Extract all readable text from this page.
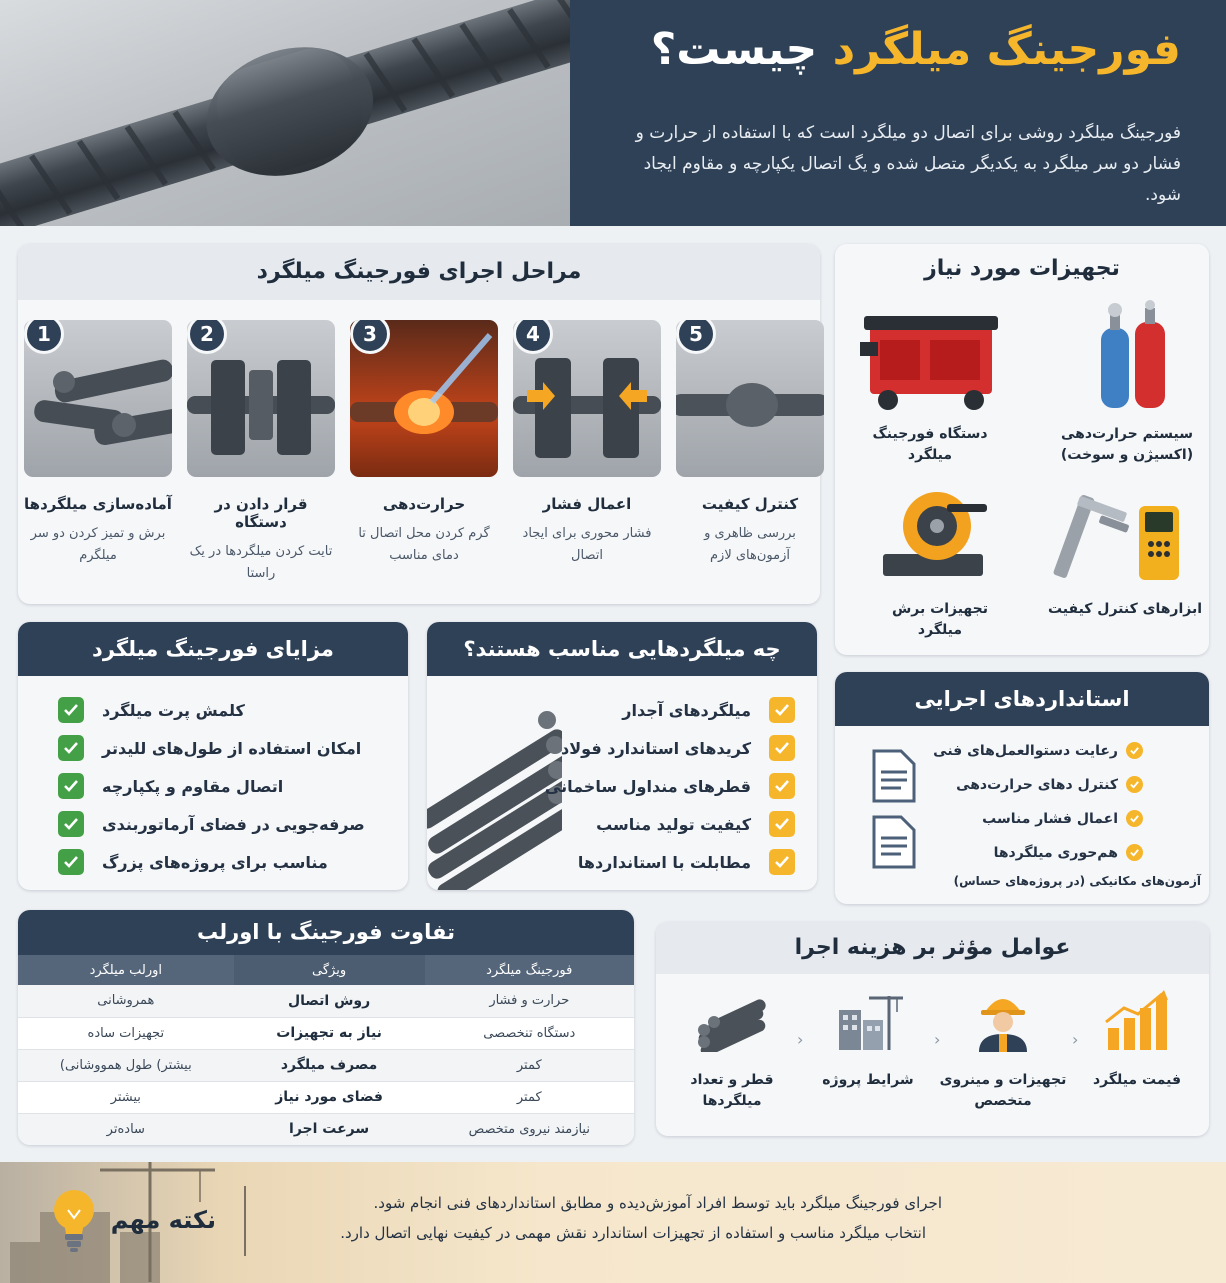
فورجینگ میلگرد چیست؟
فورجینگ میلگرد روشی برای اتصال دو میلگرد است که با استفاده از حرارت و فشار دو سر میلگرد به یکدیگر متصل شده و یگ اتصال یکپارچه و مقاوم ایجاد شود.
مراحل اجرای فورجینگ میلگرد
1
آماده‌سازی میلگردها
برش و تمیز کردن دو سر میلگرم
2
قرار دادن در دستگاه
تایت کردن میلگردها در یک راستا
3
حرارت‌دهی
گرم کردن محل اتصال تا دمای مناسب
4
اعمال فشار
فشار محوری برای ایجاد اتصال
5
کنترل کیفیت
بررسی ظاهری و آزمون‌های لازم
تجهیزات مورد نیاز
سیستم حرارت‌دهی (اکسیژن و سوخت)
دستگاه فورجینگ میلگرد
ابزارهای کنترل کیفیت
تجهیزات برش میلگرد
مزایای فورجینگ میلگرد
کلمش پرت میلگرد
امکان استفاده از طول‌های للیدتر
اتصال مقاوم و پکپارچه
صرفه‌جویی در فضای آرماتوربندی
مناسب برای پروژه‌های پزرگ
چه میلگردهایی مناسب هستند؟
میلگردهای آجدار
کریدهای استاندارد فولاد
قطرهای منداول ساخمانی
کیفیت تولید مناسب
مطابلت با استانداردها
استانداردهای اجرایی
رعایت دستوالعمل‌های فنی
کنترل دهای حرارت‌دهی
اعمال فشار مناسب
هم‌حوری میلگردها
آزمون‌های مکانیکی (در پروژه‌های حساس)
تفاوت فورجینگ با اورلب
فورجینگ میلگرد	ویژگی	اورلب میلگرد
حرارت و فشار	روش اتصال	همروشانی
دستگاه تنخصصی	نیاز به تجهیزات	تجهیزات ساده
کمتر	مصرف میلگرد	بیشتر) طول همووشانی)
کمتر	فضای مورد نیاز	بیشتر
نیازمند نیروی متخصص	سرعت اجرا	ساده‌تر
عوامل مؤثر بر هزینه اجرا
فیمت میلگرد
‹
تجهیزات و مینروی متخصص
‹
شرایط پروژه
‹
قطر و تعداد میلگردها
اجرای فورجینگ میلگرد باید توسط افراد آموزش‌دیده و مطابق استانداردهای فنی انجام شود.
انتخاب میلگرد مناسب و استفاده از تجهیزات استاندارد نقش مهمی در کیفیت نهایی اتصال دارد.
نکته مهم
